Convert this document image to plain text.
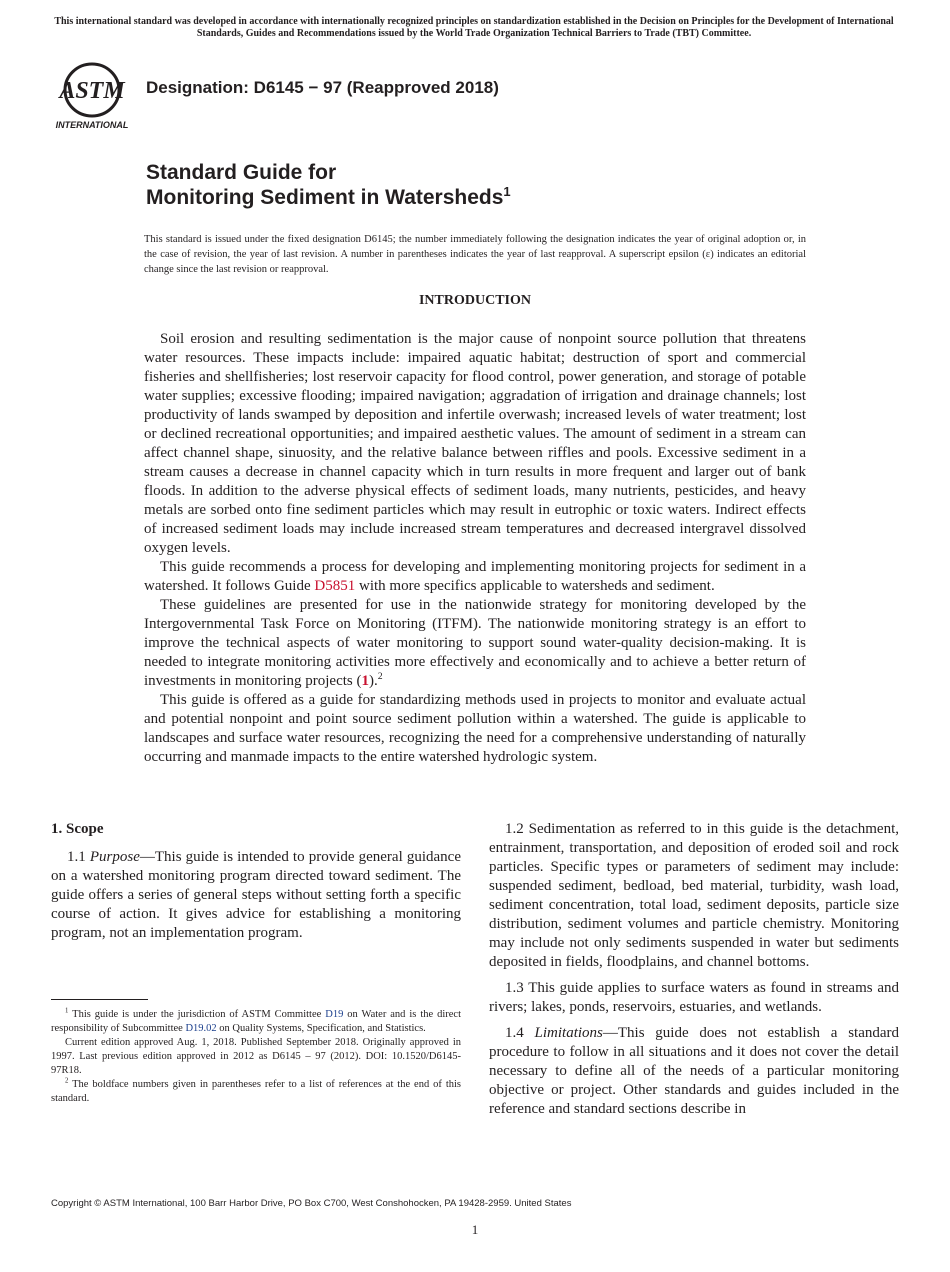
This international standard was developed in accordance with internationally recognized principles on standardization established in the Decision on Principles for the Development of International Standards, Guides and Recommendations issued by the World Trade Organization Technical Barriers to Trade (TBT) Committee.
ASTM
INTERNATIONAL
Designation: D6145 − 97 (Reapproved 2018)
Standard Guide for
Monitoring Sediment in Watersheds$^1$
This standard is issued under the fixed designation D6145; the number immediately following the designation indicates the year of original adoption or, in the case of revision, the year of last revision. A number in parentheses indicates the year of last reapproval. A superscript epsilon (ε) indicates an editorial change since the last revision or reapproval.
INTRODUCTION

Soil erosion and resulting sedimentation is the major cause of nonpoint source pollution that threatens water resources. These impacts include: impaired aquatic habitat; destruction of sport and commercial fisheries and shellfisheries; lost reservoir capacity for flood control, power generation, and storage of potable water supplies; excessive flooding; impaired navigation; aggradation of irrigation and drainage channels; lost productivity of lands swamped by deposition and infertile overwash; increased levels of water treatment; lost or declined recreational opportunities; and impaired aesthetic values. The amount of sediment in a stream can affect channel shape, sinuosity, and the relative balance between riffles and pools. Excessive sediment in a stream causes a decrease in channel capacity which in turn results in more frequent and larger out of bank floods. In addition to the adverse physical effects of sediment loads, many nutrients, pesticides, and heavy metals are sorbed onto fine sediment particles which may result in eutrophic or toxic waters. Indirect effects of increased sediment loads may include increased stream temperatures and decreased intergravel dissolved oxygen levels.

This guide recommends a process for developing and implementing monitoring projects for sediment in a watershed. It follows Guide D5851 with more specifics applicable to watersheds and sediment.

These guidelines are presented for use in the nationwide strategy for monitoring developed by the Intergovernmental Task Force on Monitoring (ITFM). The nationwide monitoring strategy is an effort to improve the technical aspects of water monitoring to support sound water-quality decision-making. It is needed to integrate monitoring activities more effectively and economically and to achieve a better return of investments in monitoring projects (1).$^2$

This guide is offered as a guide for standardizing methods used in projects to monitor and evaluate actual and potential nonpoint and point source sediment pollution within a watershed. The guide is applicable to landscapes and surface water resources, recognizing the need for a comprehensive understanding of naturally occurring and manmade impacts to the entire watershed hydrologic system.

1. Scope

1.1 Purpose—This guide is intended to provide general guidance on a watershed monitoring program directed toward sediment. The guide offers a series of general steps without setting forth a specific course of action. It gives advice for establishing a monitoring program, not an implementation program.

$^1$ This guide is under the jurisdiction of ASTM Committee D19 on Water and is the direct responsibility of Subcommittee D19.02 on Quality Systems, Specification, and Statistics.

Current edition approved Aug. 1, 2018. Published September 2018. Originally approved in 1997. Last previous edition approved in 2012 as D6145 – 97 (2012). DOI: 10.1520/D6145-97R18.

$^2$ The boldface numbers given in parentheses refer to a list of references at the end of this standard.

1.2 Sedimentation as referred to in this guide is the detachment, entrainment, transportation, and deposition of eroded soil and rock particles. Specific types or parameters of sediment may include: suspended sediment, bedload, bed material, turbidity, wash load, sediment concentration, total load, sediment deposits, particle size distribution, sediment volumes and particle chemistry. Monitoring may include not only sediments suspended in water but sediments deposited in fields, floodplains, and channel bottoms.

1.3 This guide applies to surface waters as found in streams and rivers; lakes, ponds, reservoirs, estuaries, and wetlands.

1.4 Limitations—This guide does not establish a standard procedure to follow in all situations and it does not cover the detail necessary to define all of the needs of a particular monitoring objective or project. Other standards and guides included in the reference and standard sections describe in

Copyright © ASTM International, 100 Barr Harbor Drive, PO Box C700, West Conshohocken, PA 19428-2959. United States
1
